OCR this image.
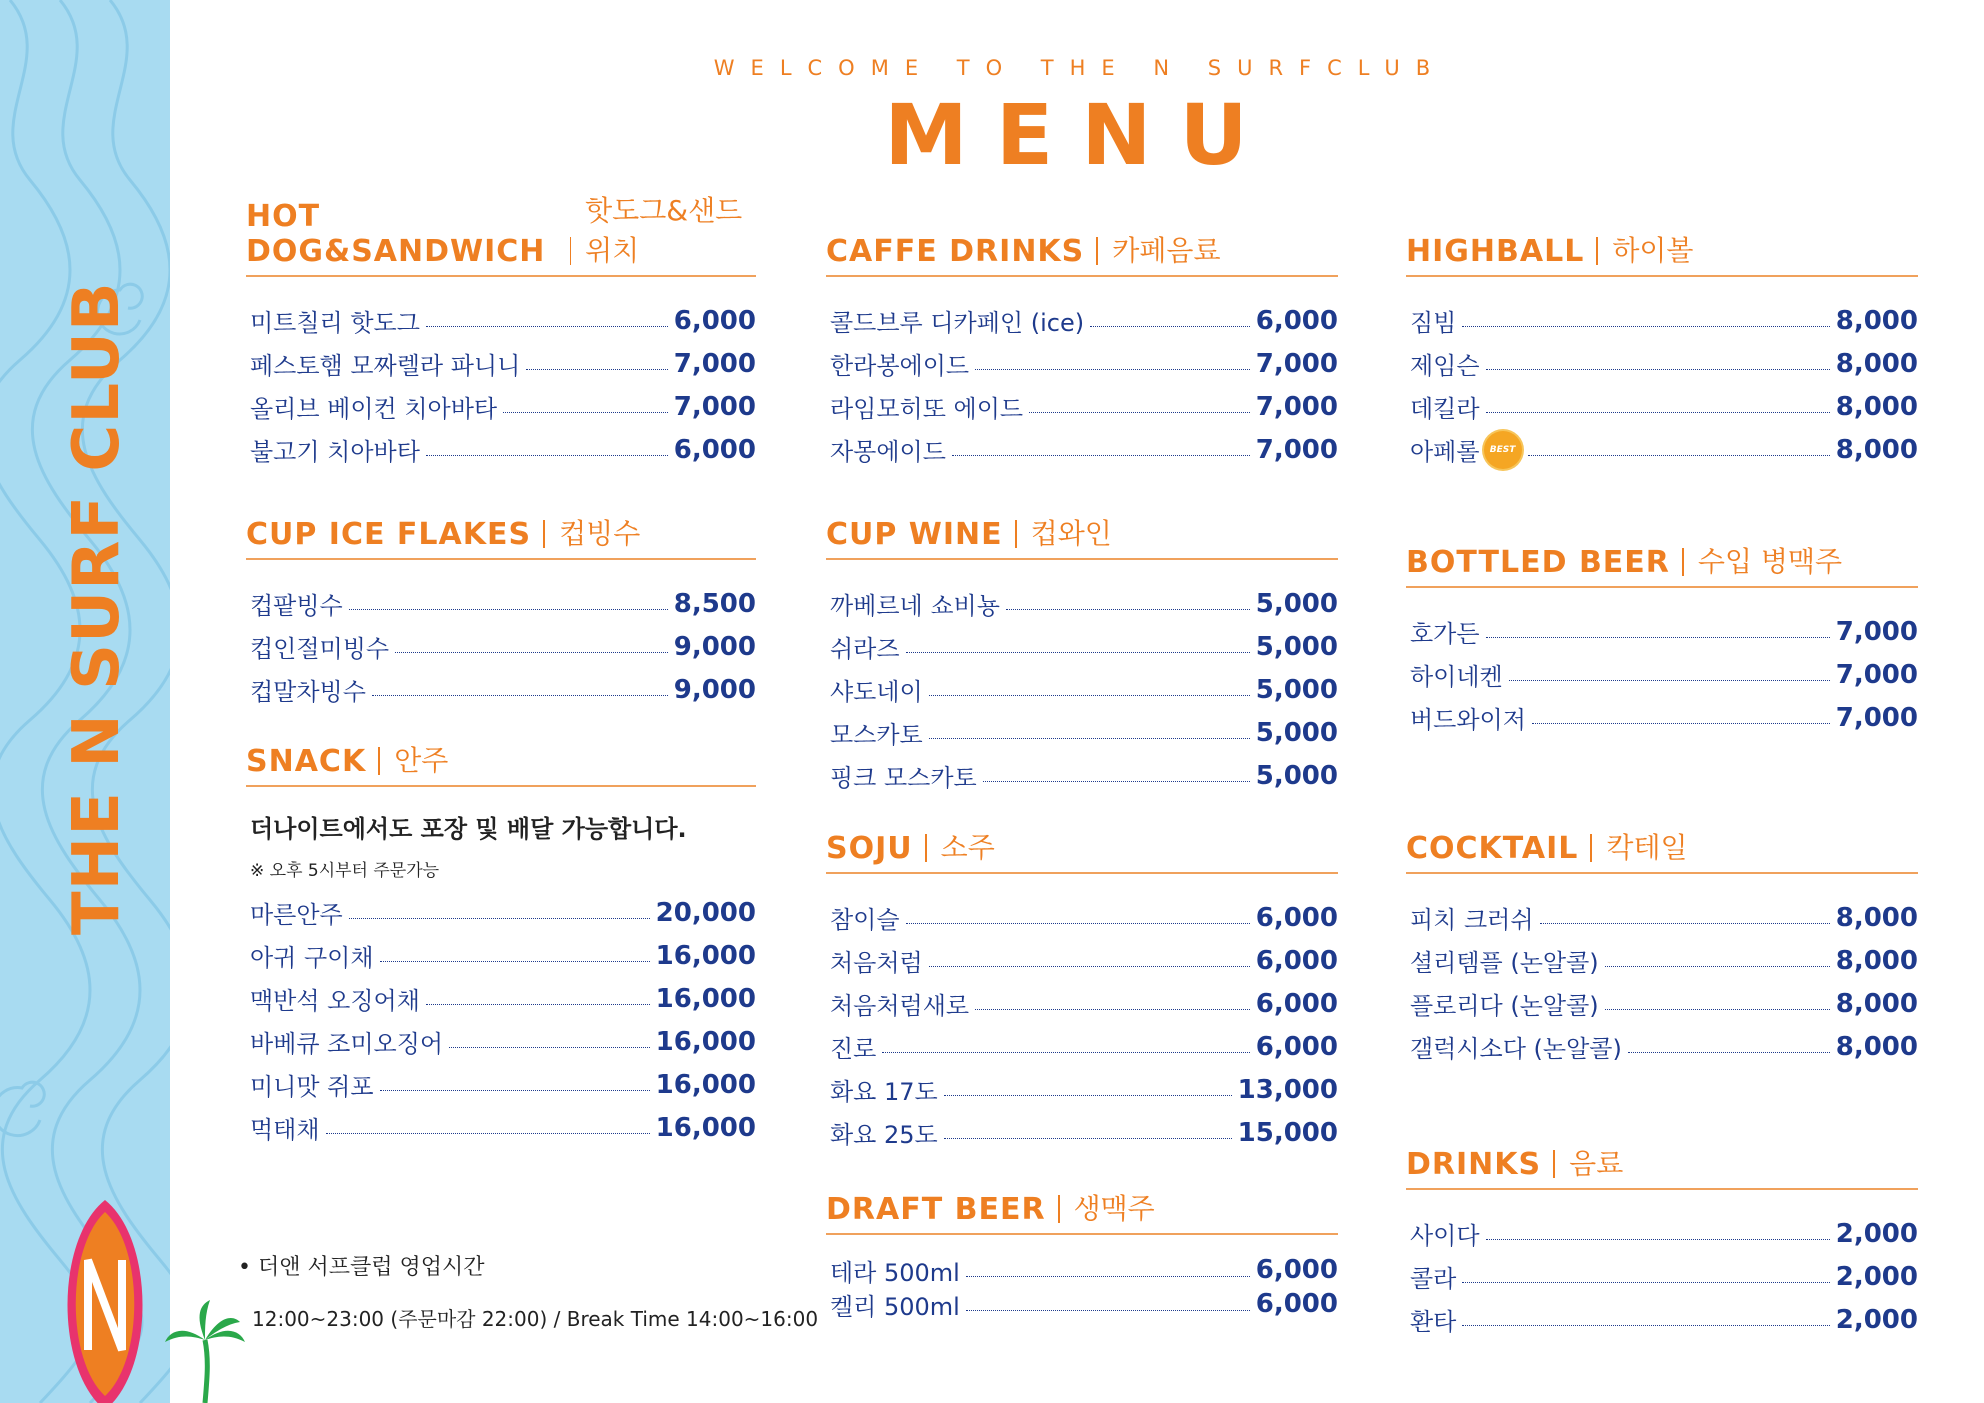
THE N SURF CLUB
WELCOME TO THE N SURFCLUB
MENU
HOT DOG&SANDWICH
핫도그&샌드위치
미트칠리 핫도그	6,000
페스토햄 모짜렐라 파니니	7,000
올리브 베이컨 치아바타	7,000
불고기 치아바타	6,000
CUP ICE FLAKES 컵빙수
컵팥빙수	8,500
컵인절미빙수	9,000
컵말차빙수	9,000
SNACK 안주
더나이트에서도 포장 및 배달 가능합니다.
※ 오후 5시부터 주문가능
마른안주	20,000
아귀 구이채	16,000
맥반석 오징어채	16,000
바베큐 조미오징어	16,000
미니맛 쥐포	16,000
먹태채	16,000
• 더앤 서프클럽 영업시간
12:00~23:00 (주문마감 22:00) / Break Time 14:00~16:00
CAFFE DRINKS 카페음료
콜드브루 디카페인 (ice)	6,000
한라봉에이드	7,000
라임모히또 에이드	7,000
자몽에이드	7,000
CUP WINE 컵와인
까베르네 쇼비뇽	5,000
쉬라즈	5,000
샤도네이	5,000
모스카토	5,000
핑크 모스카토	5,000
SOJU 소주
참이슬	6,000
처음처럼	6,000
처음처럼새로	6,000
진로	6,000
화요 17도	13,000
화요 25도	15,000
DRAFT BEER 생맥주
테라 500ml	6,000
켈리 500ml	6,000
HIGHBALL 하이볼
짐빔	8,000
제임슨	8,000
데킬라	8,000
아페롤	BEST	8,000
BOTTLED BEER 수입 병맥주
호가든	7,000
하이네켄	7,000
버드와이저	7,000
COCKTAIL 칵테일
피치 크러쉬	8,000
셜리템플 (논알콜)	8,000
플로리다 (논알콜)	8,000
갤럭시소다 (논알콜)	8,000
DRINKS 음료
사이다	2,000
콜라	2,000
환타	2,000
